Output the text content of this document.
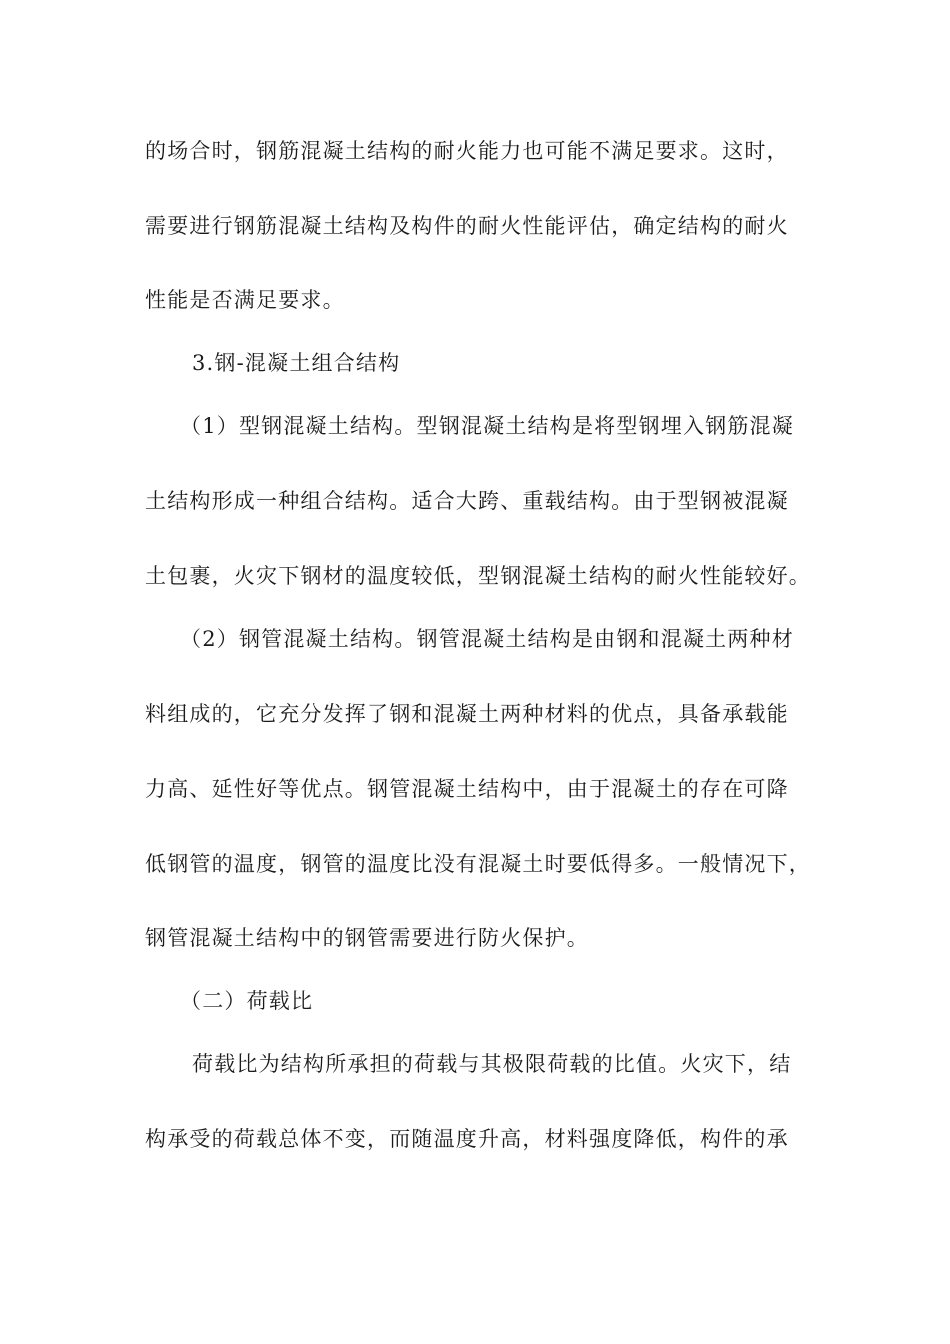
的场合时，钢筋混凝土结构的耐火能力也可能不满足要求。这时，
需要进行钢筋混凝土结构及构件的耐火性能评估，确定结构的耐火
性能是否满足要求。
3.钢-混凝土组合结构
（1）型钢混凝土结构。型钢混凝土结构是将型钢埋入钢筋混凝
土结构形成一种组合结构。适合大跨、重载结构。由于型钢被混凝
土包裹，火灾下钢材的温度较低，型钢混凝土结构的耐火性能较好。
（2）钢管混凝土结构。钢管混凝土结构是由钢和混凝土两种材
料组成的，它充分发挥了钢和混凝土两种材料的优点，具备承载能
力高、延性好等优点。钢管混凝土结构中，由于混凝土的存在可降
低钢管的温度，钢管的温度比没有混凝土时要低得多。一般情况下，
钢管混凝土结构中的钢管需要进行防火保护。
（二）荷载比
荷载比为结构所承担的荷载与其极限荷载的比值。火灾下，结
构承受的荷载总体不变，而随温度升高，材料强度降低，构件的承
